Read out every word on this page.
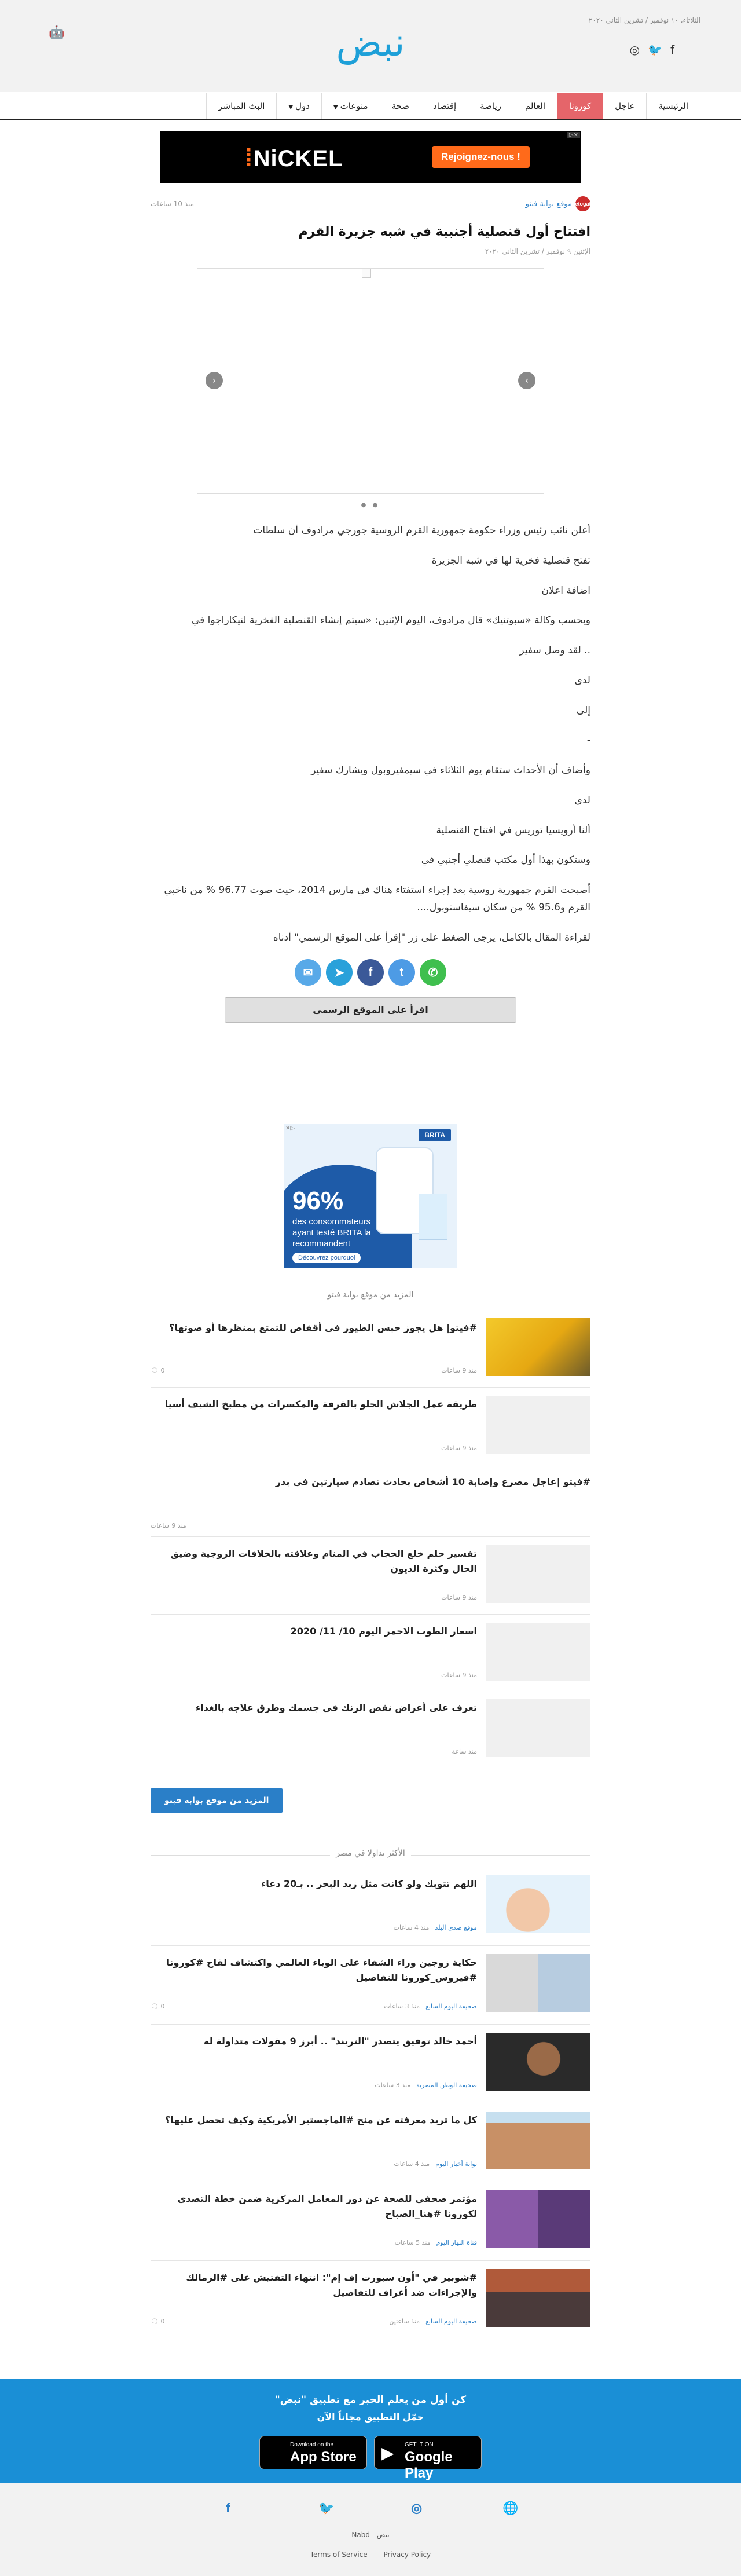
الثلاثاء، ١٠ نوفمبر / تشرين الثاني ٢٠٢٠
f
🐦
◎
نبض
🤖
الرئيسية
عاجل
كورونا
العالم
رياضة
إقتصاد
صحة
منوعات▼
دول▼
البث المباشر
⁞NiCKEL	Rejoignez-nous !
▷✕
vetogate
موقع بوابة فيتو
منذ 10 ساعات
افتتاح أول قنصلية أجنبية في شبه جزيرة القرم
الإثنين ٩ نوفمبر / تشرين الثاني ٢٠٢٠
›
‹
● ●

أعلن نائب رئيس وزراء حكومة جمهورية القرم الروسية جورجي مرادوف أن سلطات

تفتح قنصلية فخرية لها في شبه الجزيرة

اضافة اعلان

وبحسب وكالة «سبوتنيك» قال مرادوف، اليوم الإثنين: «سيتم إنشاء القنصلية الفخرية لنيكاراجوا في

.. لقد وصل سفير

لدى

إلى

-

وأضاف أن الأحداث ستقام يوم الثلاثاء في سيمفيروبول ويشارك سفير

لدى

ألنا أرويسيا توريس في افتتاح القنصلية

وستكون بهذا أول مكتب قنصلي أجنبي في

أصبحت القرم جمهورية روسية بعد إجراء استفتاء هناك في مارس 2014، حيث صوت 96.77 % من ناخبي القرم و95.6 % من سكان سيفاستوبول....

لقراءة المقال بالكامل، يرجى الضغط على زر "إقرأ على الموقع الرسمي" أدناه

✆
t
f
➤
✉
اقرأ على الموقع الرسمي
BRITA
▷✕
96%
des consommateurs ayant testé BRITA la recommandent
Découvrez pourquoi
المزيد من موقع بوابة فيتو
#فيتو| هل يجوز حبس الطيور في أقفاص للتمتع بمنظرها أو صوتها؟
منذ 9 ساعات
0 🗨
طريقة عمل الجلاش الحلو بالقرفة والمكسرات من مطبخ الشيف أسيا
منذ 9 ساعات
#فيتو |عاجل مصرع وإصابة 10 أشخاص بحادث تصادم سيارتين في بدر
منذ 9 ساعات
تفسير حلم خلع الحجاب في المنام وعلاقته بالخلافات الزوجية وضيق الحال وكثرة الديون
منذ 9 ساعات
اسعار الطوب الاحمر اليوم 10/ 11/ 2020
منذ 9 ساعات
تعرف على أعراض نقص الزنك في جسمك وطرق علاجه بالغذاء
منذ ساعة
المزيد من موقع بوابة فيتو
الأكثر تداولا في مصر
اللهم تتوبك ولو كانت مثل زبد البحر .. بـ20 دعاء
موقع صدى البلد
منذ 4 ساعات
حكاية زوجين وراء الشفاء على الوباء العالمي واكتشاف لقاح #كورونا #فيروس_كورونا للتفاصيل
صحيفة اليوم السابع
منذ 3 ساعات
0 🗨
أحمد خالد توفيق يتصدر "التريند" .. أبرز 9 مقولات متداولة له
صحيفة الوطن المصرية
منذ 3 ساعات
كل ما تريد معرفته عن منح #الماجستير الأمريكية وكيف تحصل عليها؟
بوابة أخبار اليوم
منذ 4 ساعات
مؤتمر صحفي للصحة عن دور المعامل المركزية ضمن خطة التصدي لكورونا #هنا_الصباح
قناة النهار اليوم
منذ 5 ساعات
#شوبير في "أون سبورت إف إم": انتهاء التفتيش على #الزمالك والإجراءات ضد أعراف للتفاصيل
صحيفة اليوم السابع
منذ ساعتين
0 🗨
كن أول من يعلم الخبر مع تطبيق "نبض"
حمّل التطبيق مجاناً الآن
Download on the
App Store ▶ GET IT ON
Google Play
f	🐦	◎	🌐
نبض - Nabd
Terms of Service Privacy Policy
